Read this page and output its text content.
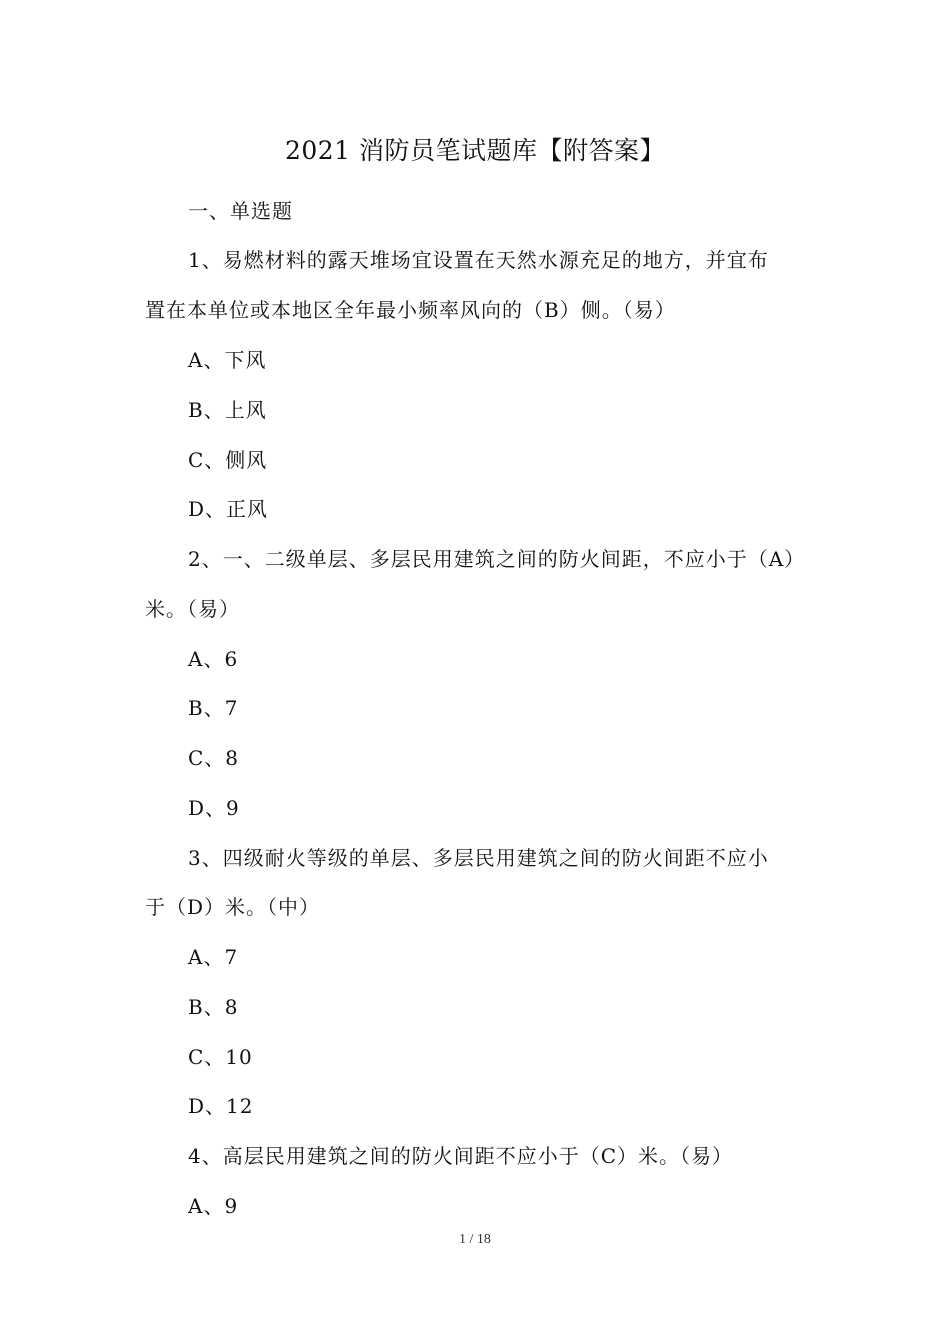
2021 消防员笔试题库【附答案】
一、单选题
1、易燃材料的露天堆场宜设置在天然水源充足的地方，并宜布
置在本单位或本地区全年最小频率风向的（B）侧。（易）
A、下风
B、上风
C、侧风
D、正风
2、一、二级单层、多层民用建筑之间的防火间距，不应小于（A）
米。（易）
A、6
B、7
C、8
D、9
3、四级耐火等级的单层、多层民用建筑之间的防火间距不应小
于（D）米。（中）
A、7
B、8
C、10
D、12
4、高层民用建筑之间的防火间距不应小于（C）米。（易）
A、9
1 / 18
